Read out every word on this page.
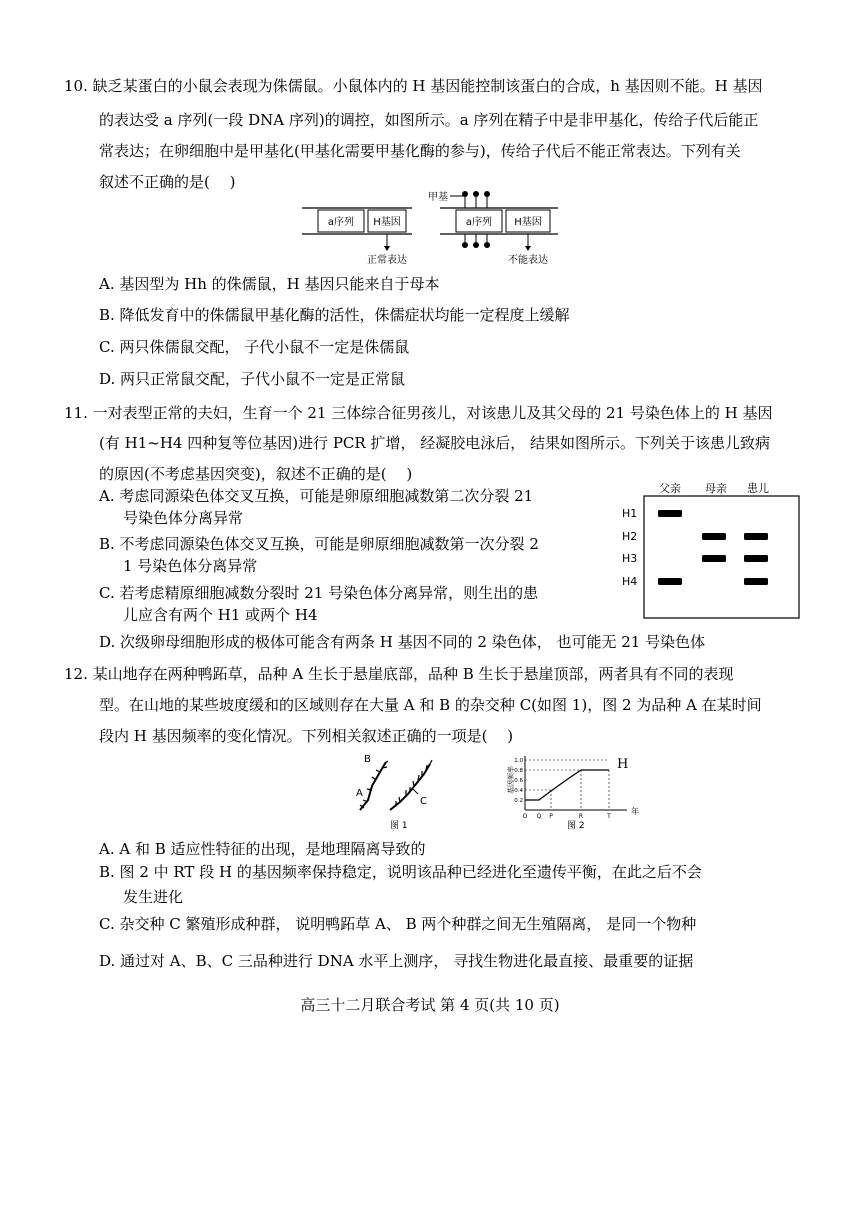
10. 缺乏某蛋白的小鼠会表现为侏儒鼠。小鼠体内的 H 基因能控制该蛋白的合成，h 基因则不能。H 基因
的表达受 a 序列(一段 DNA 序列)的调控，如图所示。a 序列在精子中是非甲基化，传给子代后能正
常表达；在卵细胞中是甲基化(甲基化需要甲基化酶的参与)，传给子代后不能正常表达。下列有关
叙述不正确的是(　 )
a序列 H基因
正常表达
a序列 H基因
甲基
不能表达
A. 基因型为 Hh 的侏儒鼠，H 基因只能来自于母本
B. 降低发育中的侏儒鼠甲基化酶的活性，侏儒症状均能一定程度上缓解
C. 两只侏儒鼠交配， 子代小鼠不一定是侏儒鼠
D. 两只正常鼠交配，子代小鼠不一定是正常鼠
11. 一对表型正常的夫妇，生育一个 21 三体综合征男孩儿，对该患儿及其父母的 21 号染色体上的 H 基因
(有 H1~H4 四种复等位基因)进行 PCR 扩增， 经凝胶电泳后， 结果如图所示。下列关于该患儿致病
的原因(不考虑基因突变)，叙述不正确的是(　 )
A. 考虑同源染色体交叉互换，可能是卵原细胞减数第二次分裂 21
号染色体分离异常
B. 不考虑同源染色体交叉互换，可能是卵原细胞减数第一次分裂 2
1 号染色体分离异常
C. 若考虑精原细胞减数分裂时 21 号染色体分离异常，则生出的患
儿应含有两个 H1 或两个 H4
D. 次级卵母细胞形成的极体可能含有两条 H 基因不同的 2 染色体， 也可能无 21 号染色体
父亲 母亲 患儿
H1
H2
H3
H4
12. 某山地存在两种鸭跖草，品种 A 生长于悬崖底部，品种 B 生长于悬崖顶部，两者具有不同的表现
型。在山地的某些坡度缓和的区域则存在大量 A 和 B 的杂交种 C(如图 1)，图 2 为品种 A 在某时间
段内 H 基因频率的变化情况。下列相关叙述正确的一项是(　 )
B
A
C
图 1
基因频率
1.0
0.8
0.6
0.4
0.2
O Q P	R	T
年
H
图 2
A. A 和 B 适应性特征的出现，是地理隔离导致的
B. 图 2 中 RT 段 H 的基因频率保持稳定，说明该品种已经进化至遗传平衡，在此之后不会
发生进化
C. 杂交种 C 繁殖形成种群， 说明鸭跖草 A、 B 两个种群之间无生殖隔离， 是同一个物种
D. 通过对 A、B、C 三品种进行 DNA 水平上测序， 寻找生物进化最直接、最重要的证据
高三十二月联合考试 第 4 页(共 10 页)
